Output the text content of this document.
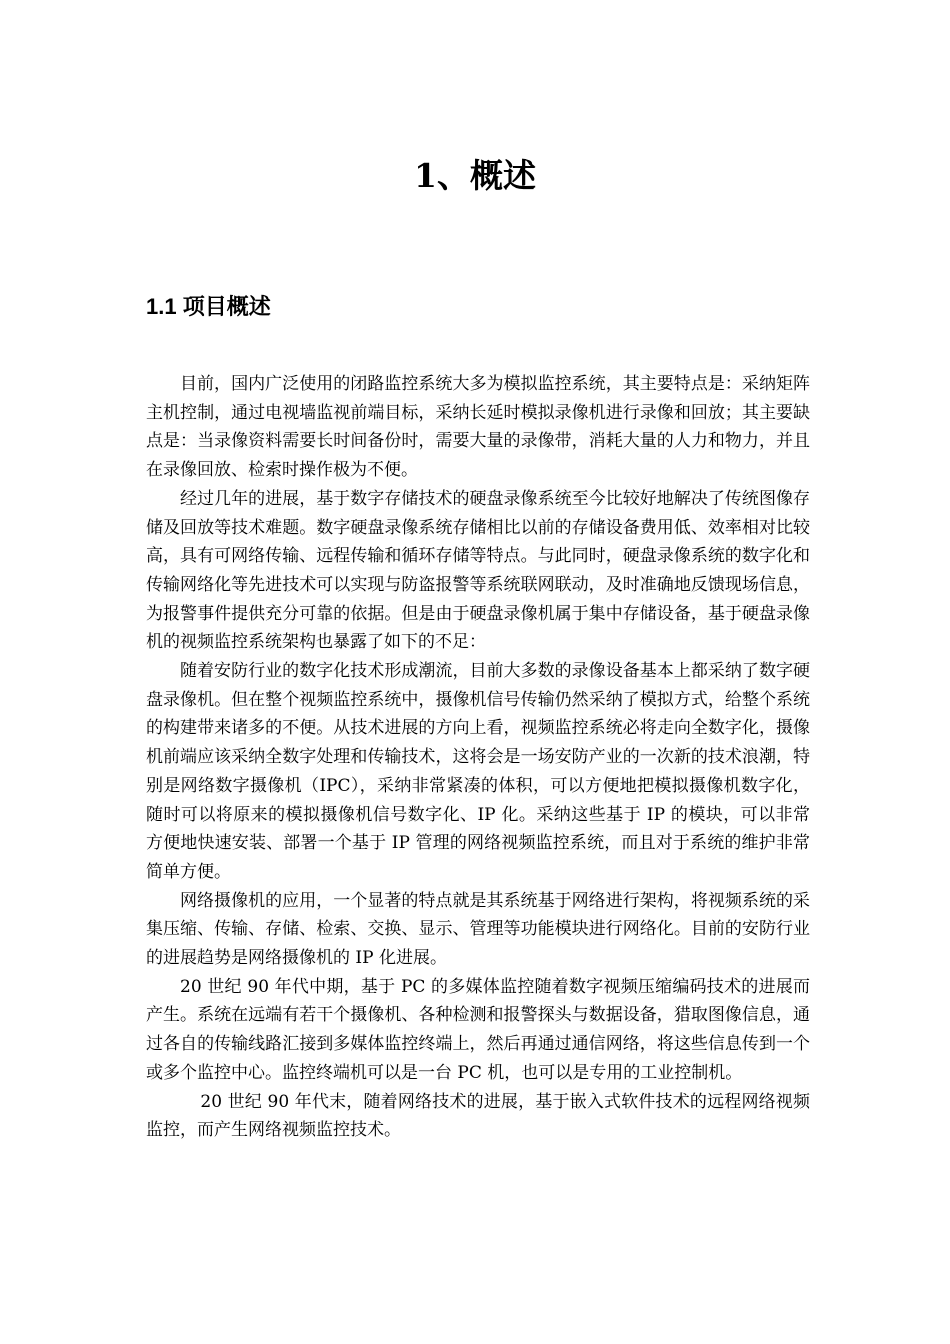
1、概述
1.1 项目概述

目前，国内广泛使用的闭路监控系统大多为模拟监控系统，其主要特点是：采纳矩阵主机控制，通过电视墙监视前端目标，采纳长延时模拟录像机进行录像和回放；其主要缺点是：当录像资料需要长时间备份时，需要大量的录像带，消耗大量的人力和物力，并且在录像回放、检索时操作极为不便。

经过几年的进展，基于数字存储技术的硬盘录像系统至今比较好地解决了传统图像存储及回放等技术难题。数字硬盘录像系统存储相比以前的存储设备费用低、效率相对比较高，具有可网络传输、远程传输和循环存储等特点。与此同时，硬盘录像系统的数字化和传输网络化等先进技术可以实现与防盗报警等系统联网联动，及时准确地反馈现场信息，为报警事件提供充分可靠的依据。但是由于硬盘录像机属于集中存储设备，基于硬盘录像机的视频监控系统架构也暴露了如下的不足：

随着安防行业的数字化技术形成潮流，目前大多数的录像设备基本上都采纳了数字硬盘录像机。但在整个视频监控系统中，摄像机信号传输仍然采纳了模拟方式，给整个系统的构建带来诸多的不便。从技术进展的方向上看，视频监控系统必将走向全数字化，摄像机前端应该采纳全数字处理和传输技术，这将会是一场安防产业的一次新的技术浪潮，特别是网络数字摄像机（IPC），采纳非常紧凑的体积，可以方便地把模拟摄像机数字化，随时可以将原来的模拟摄像机信号数字化、IP 化。采纳这些基于 IP 的模块，可以非常方便地快速安装、部署一个基于 IP 管理的网络视频监控系统，而且对于系统的维护非常简单方便。

网络摄像机的应用，一个显著的特点就是其系统基于网络进行架构，将视频系统的采集压缩、传输、存储、检索、交换、显示、管理等功能模块进行网络化。目前的安防行业的进展趋势是网络摄像机的 IP 化进展。

20 世纪 90 年代中期，基于 PC 的多媒体监控随着数字视频压缩编码技术的进展而产生。系统在远端有若干个摄像机、各种检测和报警探头与数据设备，猎取图像信息，通过各自的传输线路汇接到多媒体监控终端上，然后再通过通信网络，将这些信息传到一个或多个监控中心。监控终端机可以是一台 PC 机，也可以是专用的工业控制机。

20 世纪 90 年代末，随着网络技术的进展，基于嵌入式软件技术的远程网络视频监控，而产生网络视频监控技术。
